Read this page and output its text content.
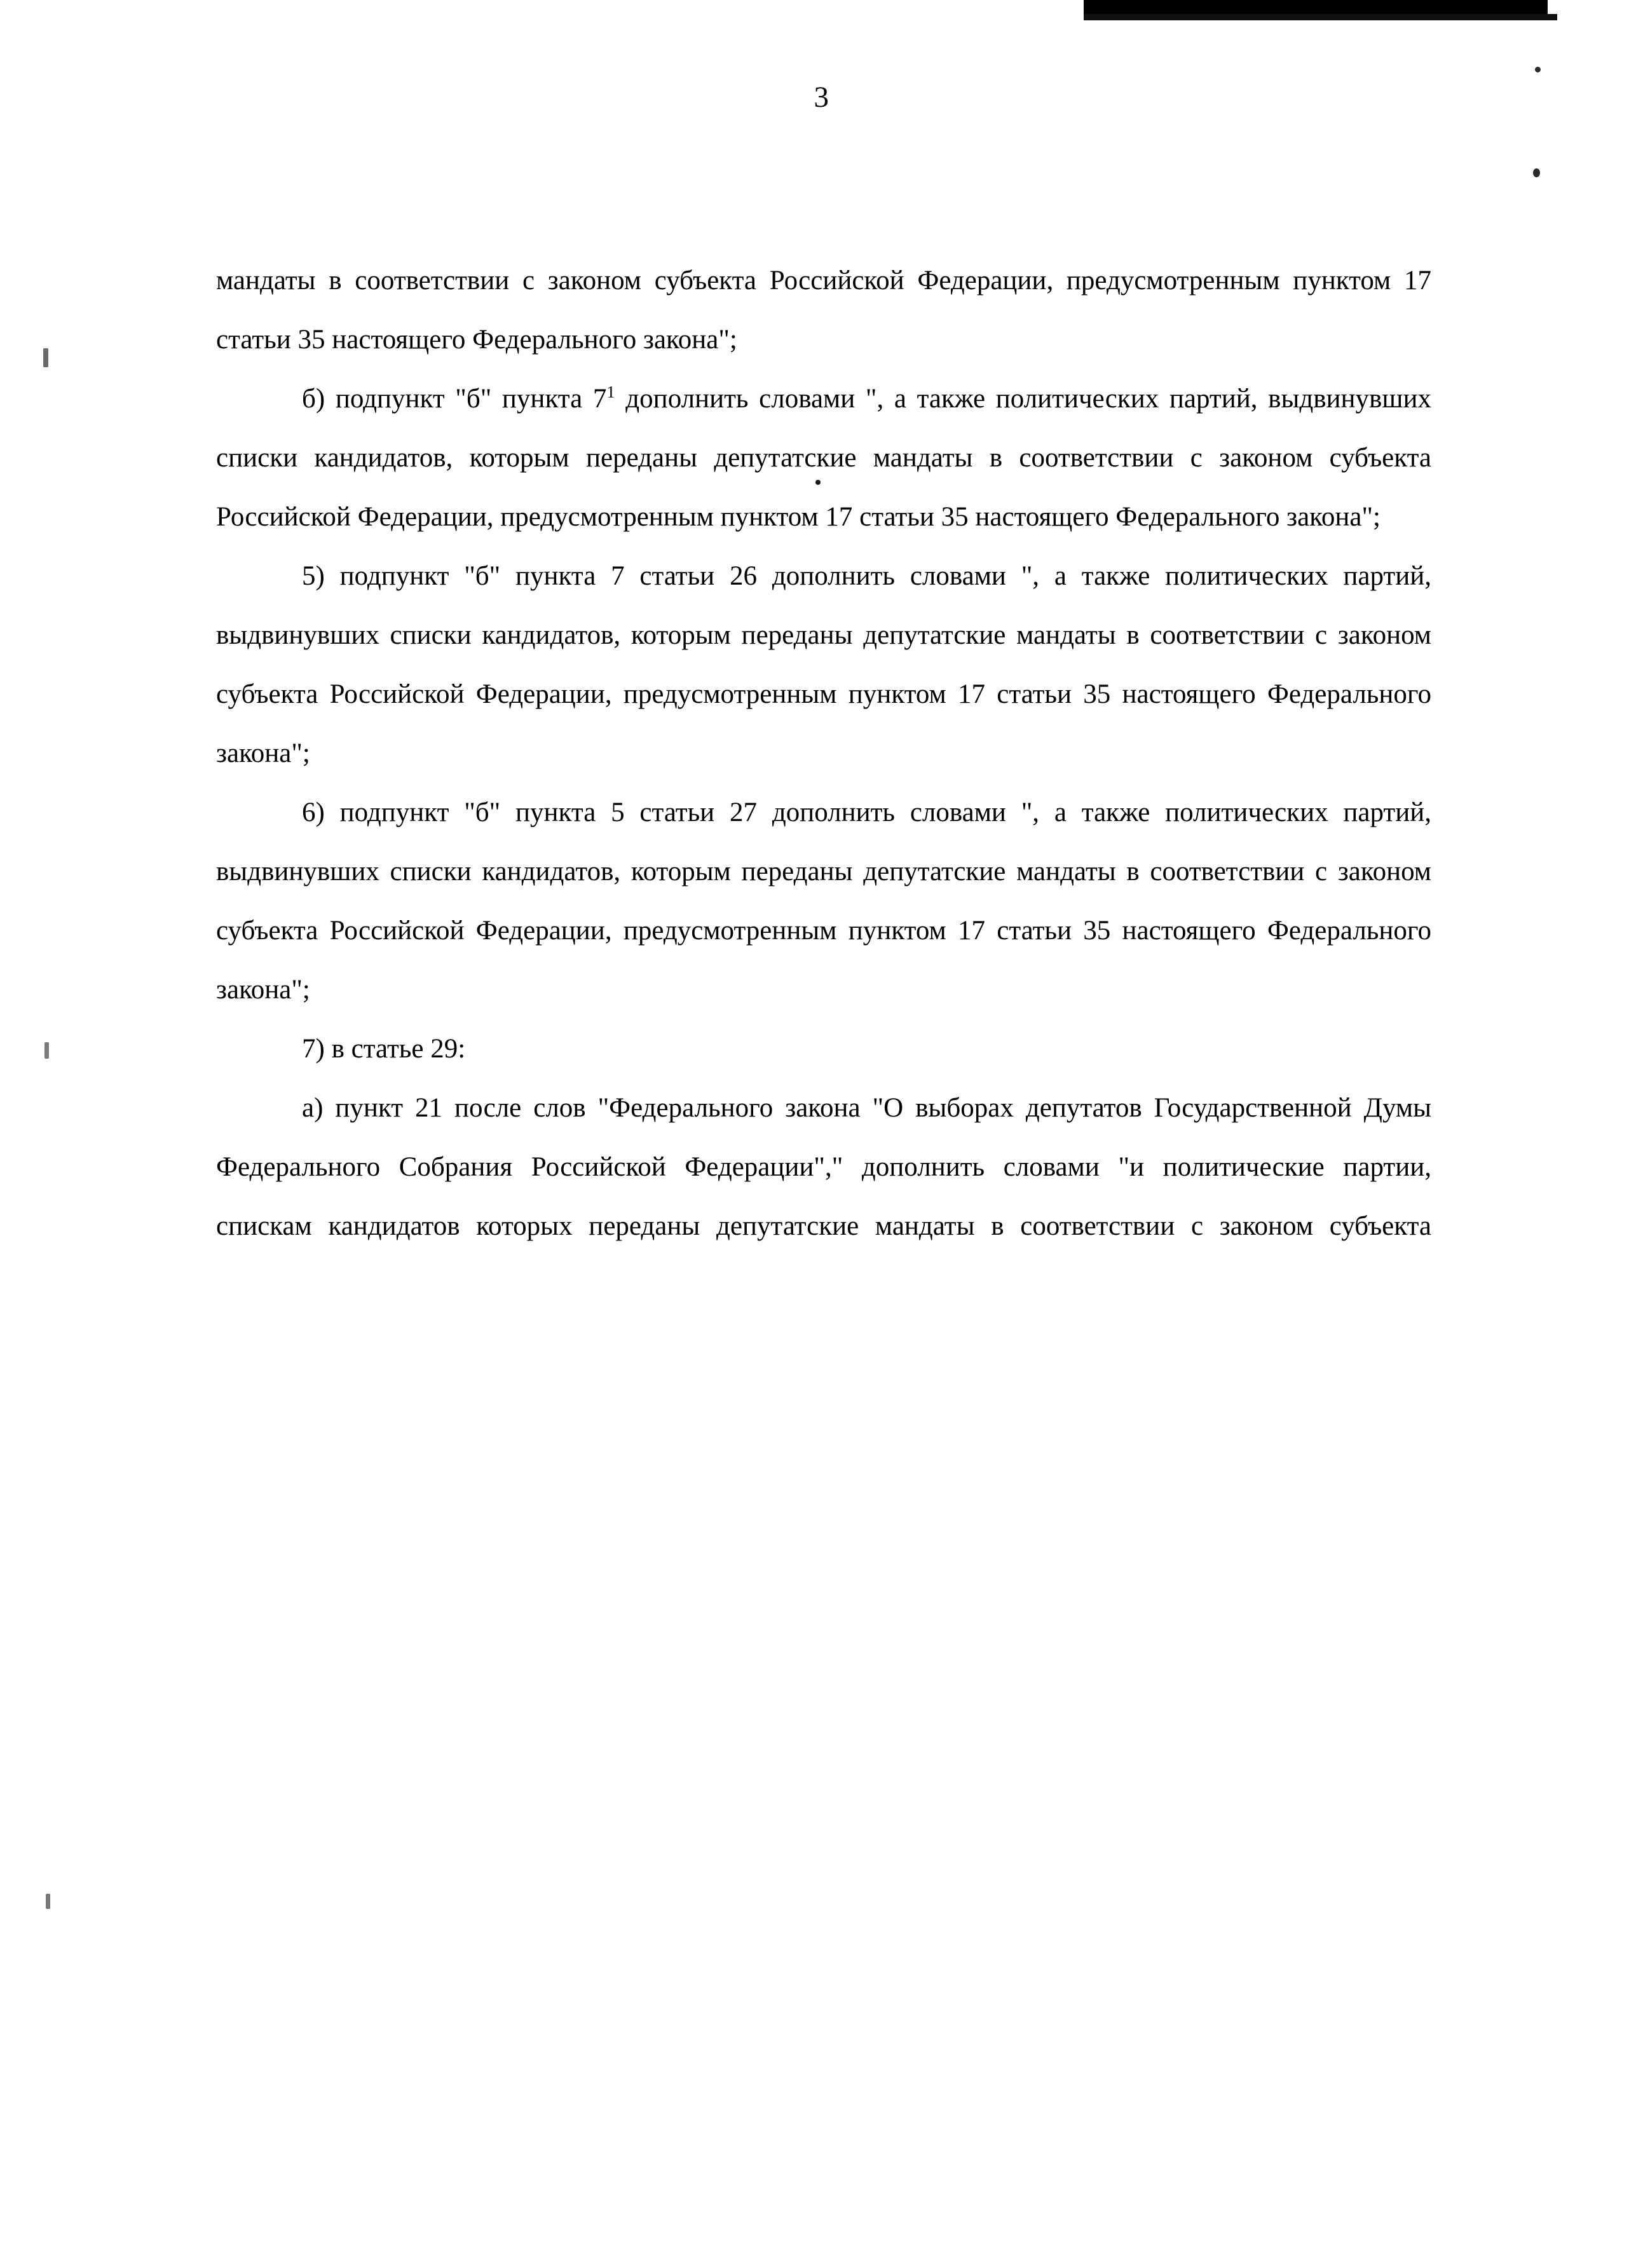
3

мандаты в соответствии с законом субъекта Российской Федерации, предусмотренным пунктом 17 статьи 35 настоящего Федерального закона";

б) подпункт "б" пункта $7^1$ дополнить словами ", а также политических партий, выдвинувших списки кандидатов, которым переданы депутатские мандаты в соответствии с законом субъекта Российской Федерации, предусмотренным пунктом 17 статьи 35 настоящего Федерального закона";

5) подпункт "б" пункта 7 статьи 26 дополнить словами ", а также политических партий, выдвинувших списки кандидатов, которым переданы депутатские мандаты в соответствии с законом субъекта Российской Федерации, предусмотренным пунктом 17 статьи 35 настоящего Федерального закона";

6) подпункт "б" пункта 5 статьи 27 дополнить словами ", а также политических партий, выдвинувших списки кандидатов, которым переданы депутатские мандаты в соответствии с законом субъекта Российской Федерации, предусмотренным пунктом 17 статьи 35 настоящего Федерального закона";

7) в статье 29:

а) пункт 21 после слов "Федерального закона "О выборах депутатов Государственной Думы Федерального Собрания Российской Федерации"," дополнить словами "и политические партии, спискам кандидатов которых переданы депутатские мандаты в соответствии с законом субъекта
